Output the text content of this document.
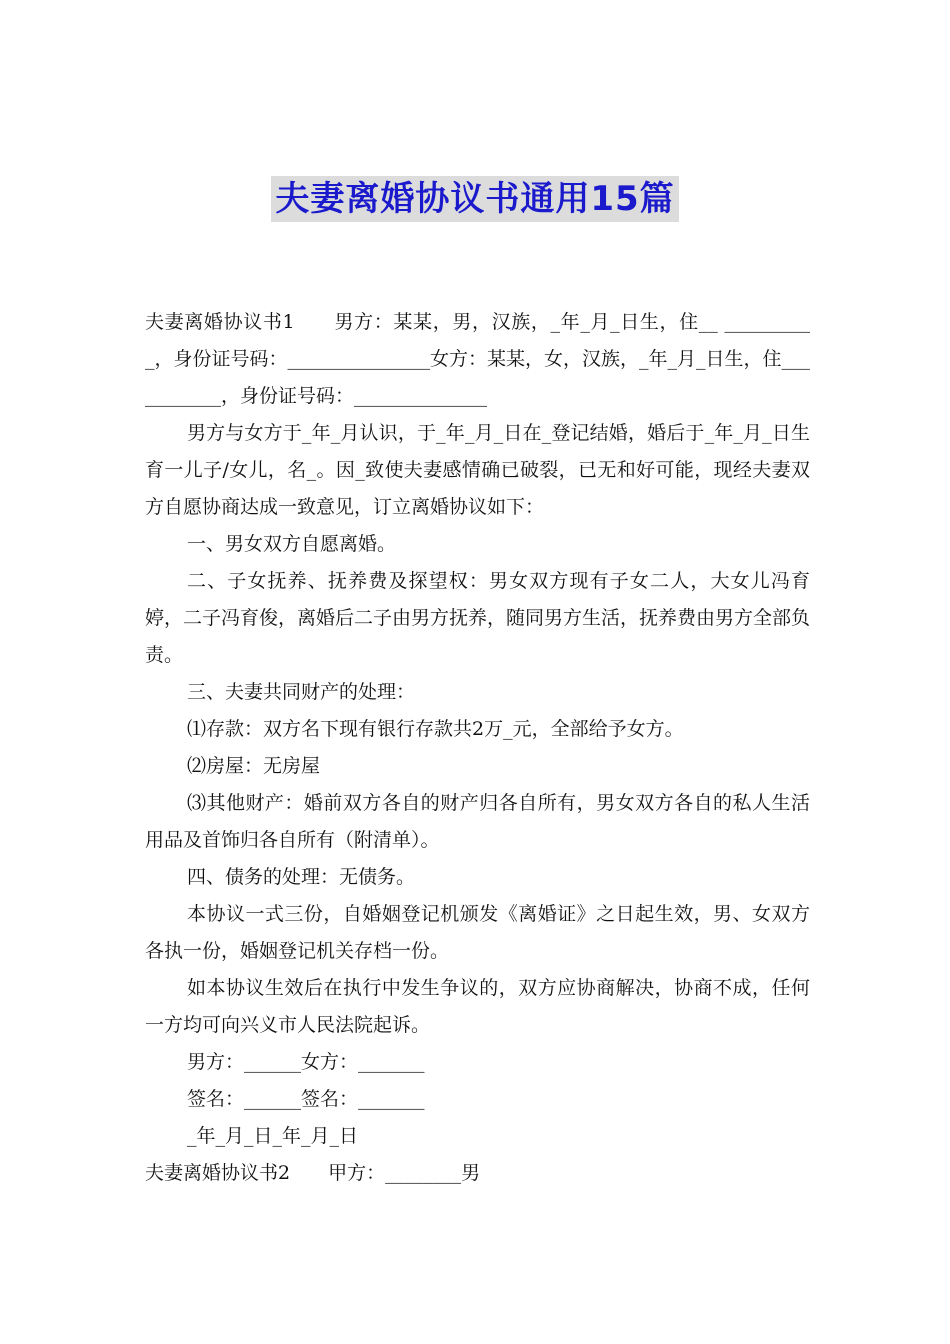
夫妻离婚协议书通用15篇

夫妻离婚协议书1　　男方：某某，男，汉族，_年_月_日生，住__ __________，身份证号码：_______________女方：某某，女，汉族，_年_月_日生，住___________，身份证号码：______________

男方与女方于_年_月认识，于_年_月_日在_登记结婚，婚后于_年_月_日生育一儿子/女儿，名_。因_致使夫妻感情确已破裂，已无和好可能，现经夫妻双方自愿协商达成一致意见，订立离婚协议如下：

一、男女双方自愿离婚。

二、子女抚养、抚养费及探望权：男女双方现有子女二人，大女儿冯育婷，二子冯育俊，离婚后二子由男方抚养，随同男方生活，抚养费由男方全部负责。

三、夫妻共同财产的处理：

⑴存款：双方名下现有银行存款共2万_元，全部给予女方。

⑵房屋：无房屋

⑶其他财产：婚前双方各自的财产归各自所有，男女双方各自的私人生活用品及首饰归各自所有（附清单）。

四、债务的处理：无债务。

本协议一式三份，自婚姻登记机颁发《离婚证》之日起生效，男、女双方各执一份，婚姻登记机关存档一份。

如本协议生效后在执行中发生争议的，双方应协商解决，协商不成，任何一方均可向兴义市人民法院起诉。

男方：______女方：_______

签名：______签名：_______

_年_月_日_年_月_日

夫妻离婚协议书2　　甲方：________男
